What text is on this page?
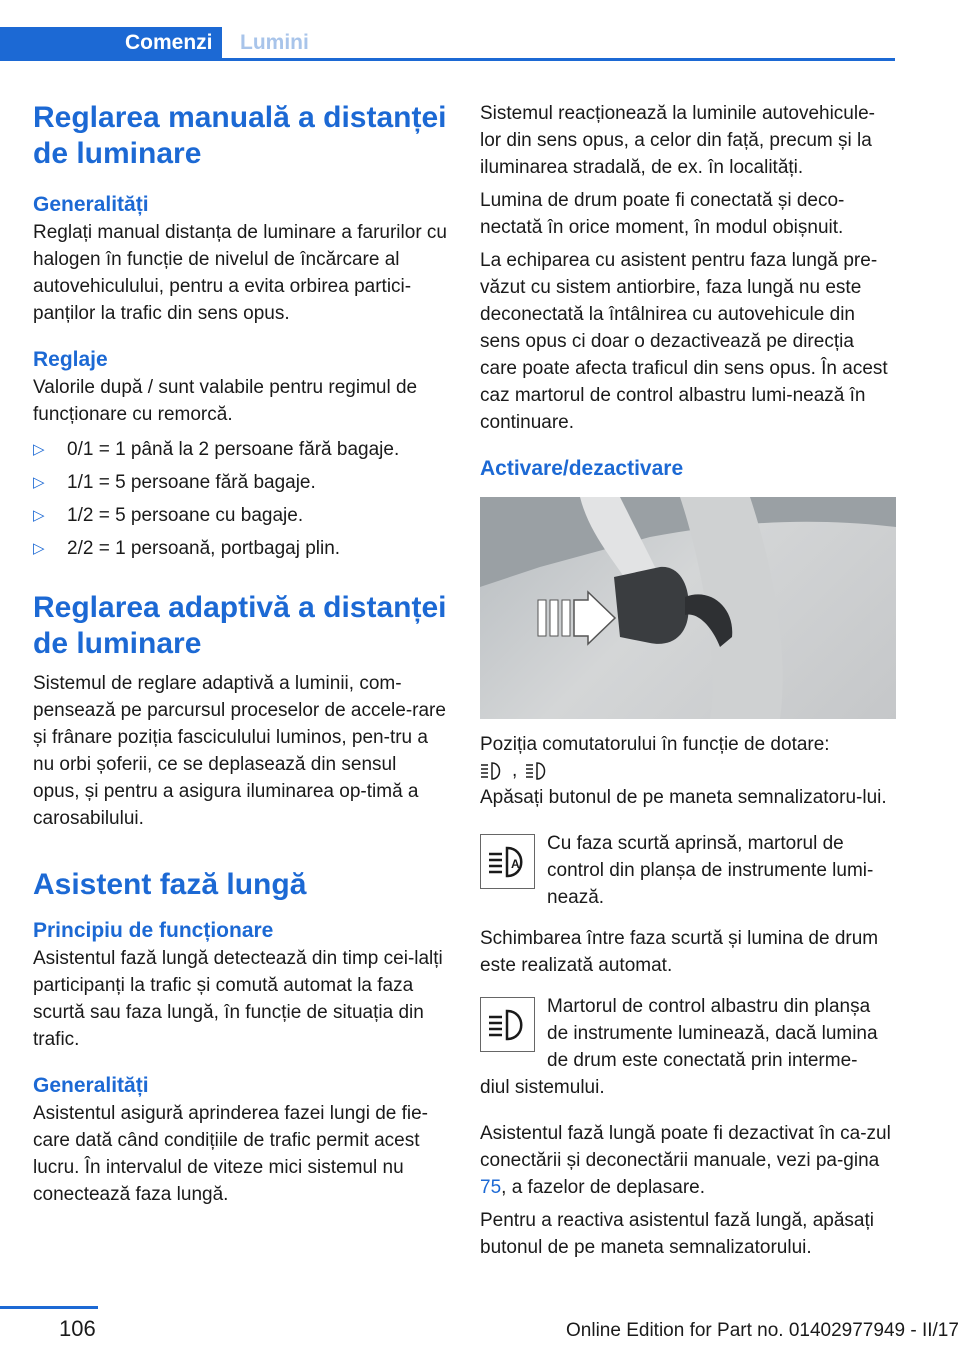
Comenzi	Lumini
Reglarea manuală a distanței de luminare
Generalități

Reglați manual distanța de luminare a farurilor cu halogen în funcție de nivelul de încărcare al autovehiculului, pentru a evita orbirea partici-panților la trafic din sens opus.

Reglaje

Valorile după / sunt valabile pentru regimul de funcționare cu remorcă.

▷ 0/1 = 1 până la 2 persoane fără bagaje.
▷ 1/1 = 5 persoane fără bagaje.
▷ 1/2 = 5 persoane cu bagaje.
▷ 2/2 = 1 persoană, portbagaj plin.
Reglarea adaptivă a distanței de luminare

Sistemul de reglare adaptivă a luminii, com-pensează pe parcursul proceselor de accele-rare și frânare poziția fasciculului luminos, pen-tru a nu orbi șoferii, ce se deplasează din sensul opus, și pentru a asigura iluminarea op-timă a carosabilului.

Asistent fază lungă
Principiu de funcționare

Asistentul fază lungă detectează din timp cei-lalți participanți la trafic și comută automat la faza scurtă sau faza lungă, în funcție de situația din trafic.

Generalități

Asistentul asigură aprinderea fazei lungi de fie-care dată când condițiile de trafic permit acest lucru. În intervalul de viteze mici sistemul nu conectează faza lungă.

Sistemul reacționează la luminile autovehicule-lor din sens opus, a celor din față, precum și la iluminarea stradală, de ex. în localități.

Lumina de drum poate fi conectată și deco-nectată în orice moment, în modul obișnuit.

La echiparea cu asistent pentru faza lungă pre-văzut cu sistem antiorbire, faza lungă nu este deconectată la întâlnirea cu autovehicule din sens opus ci doar o dezactivează pe direcția care poate afecta traficul din sens opus. În acest caz martorul de control albastru lumi-nează în continuare.

Activare/dezactivare

Poziția comutatorului în funcție de dotare:

,

Apăsați butonul de pe maneta semnalizatoru-lui.

A

Cu faza scurtă aprinsă, martorul de control din planșa de instrumente lumi-nează.

Schimbarea între faza scurtă și lumina de drum este realizată automat.

Martorul de control albastru din planșa de instrumente luminează, dacă lumina de drum este conectată prin interme-

diul sistemului.

Asistentul fază lungă poate fi dezactivat în ca-zul conectării și deconectării manuale, vezi pa-gina 75, a fazelor de deplasare.

Pentru a reactiva asistentul fază lungă, apăsați butonul de pe maneta semnalizatorului.

106	Online Edition for Part no. 01402977949 - II/17
